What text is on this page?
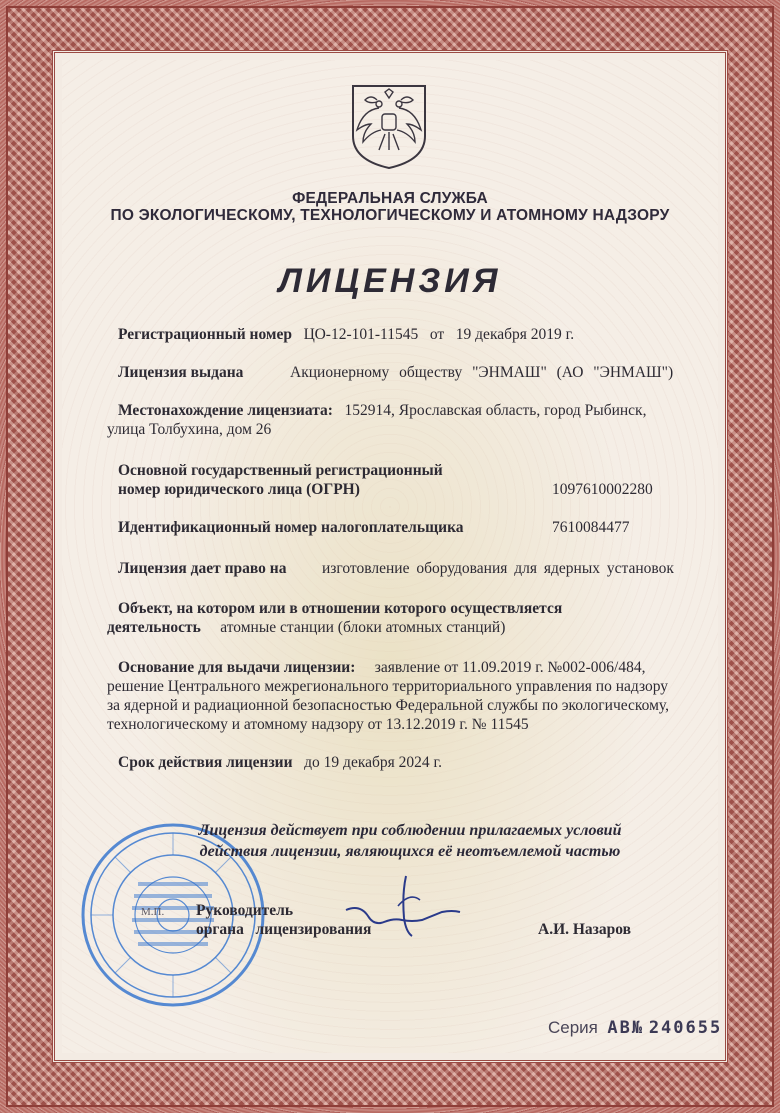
ФЕДЕРАЛЬНАЯ СЛУЖБА
ПО ЭКОЛОГИЧЕСКОМУ, ТЕХНОЛОГИЧЕСКОМУ И АТОМНОМУ НАДЗОРУ
ЛИЦЕНЗИЯ
Регистрационный номер ЦО-12-101-11545 от 19 декабря 2019 г.
Лицензия выдана	Акционерному обществу "ЭНМАШ" (АО "ЭНМАШ")
Местонахождение лицензиата: 152914, Ярославская область, город Рыбинск,
улица Толбухина, дом 26
Основной государственный регистрационный
номер юридического лица (ОГРН)	1097610002280
Идентификационный номер налогоплательщика	7610084477
Лицензия дает право на изготовление оборудования для ядерных установок
Объект, на котором или в отношении которого осуществляется
деятельность атомные станции (блоки атомных станций)
Основание для выдачи лицензии: заявление от 11.09.2019 г. №002-006/484,
решение Центрального межрегионального территориального управления по надзору
за ядерной и радиационной безопасностью Федеральной службы по экологическому,
технологическому и атомному надзору от 13.12.2019 г. № 11545
Срок действия лицензии до 19 декабря 2024 г.
Лицензия действует при соблюдении прилагаемых условий
действия лицензии, являющихся её неотъемлемой частью
М.П. Руководитель
органа   лицензирования	А.И. Назаров
Серия АВ№ 240655
